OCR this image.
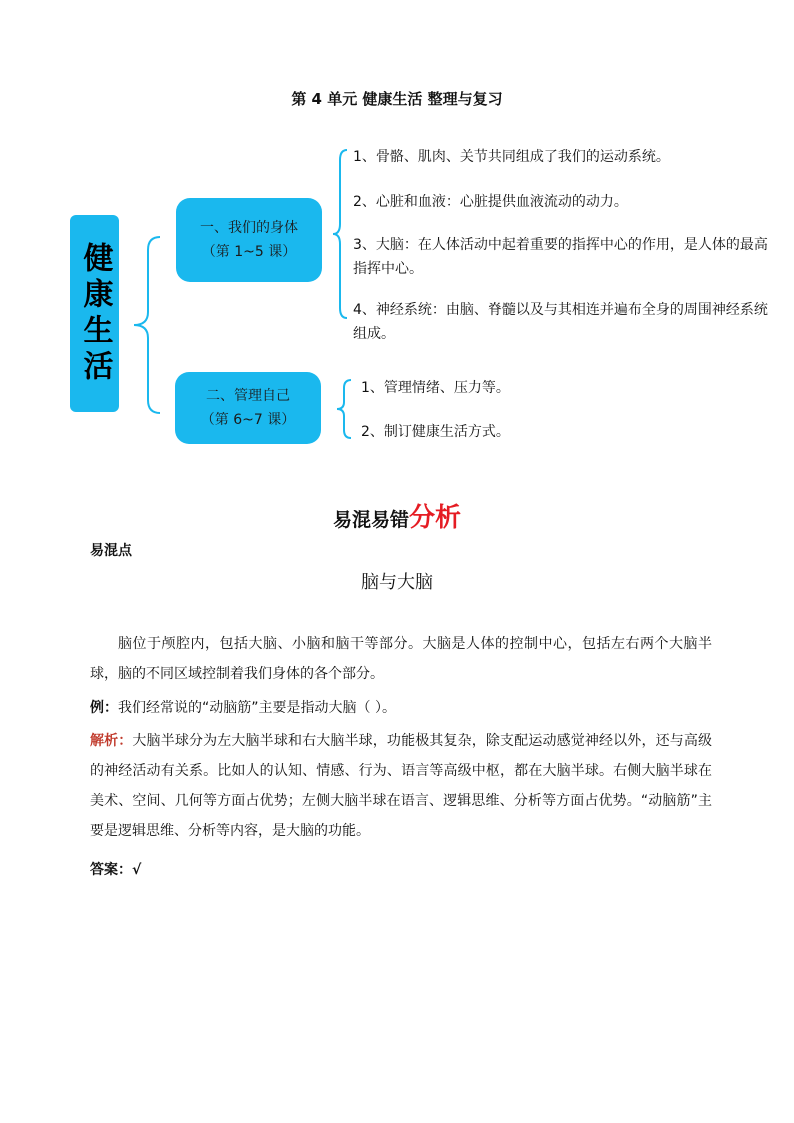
第 4 单元 健康生活 整理与复习
健康生活
一、我们的身体
（第 1~5 课）
二、管理自己
（第 6~7 课）
1、骨骼、肌肉、关节共同组成了我们的运动系统。
2、心脏和血液：心脏提供血液流动的动力。
3、大脑：在人体活动中起着重要的指挥中心的作用，是人体的最高指挥中心。
4、神经系统：由脑、脊髓以及与其相连并遍布全身的周围神经系统组成。
1、管理情绪、压力等。
2、制订健康生活方式。
易混易错分析
易混点
脑与大脑
脑位于颅腔内，包括大脑、小脑和脑干等部分。大脑是人体的控制中心，包括左右两个大脑半球，脑的不同区域控制着我们身体的各个部分。
例：我们经常说的“动脑筋”主要是指动大脑（ ）。
解析：大脑半球分为左大脑半球和右大脑半球，功能极其复杂，除支配运动感觉神经以外，还与高级的神经活动有关系。比如人的认知、情感、行为、语言等高级中枢，都在大脑半球。右侧大脑半球在美术、空间、几何等方面占优势；左侧大脑半球在语言、逻辑思维、分析等方面占优势。“动脑筋”主要是逻辑思维、分析等内容，是大脑的功能。
答案：√
